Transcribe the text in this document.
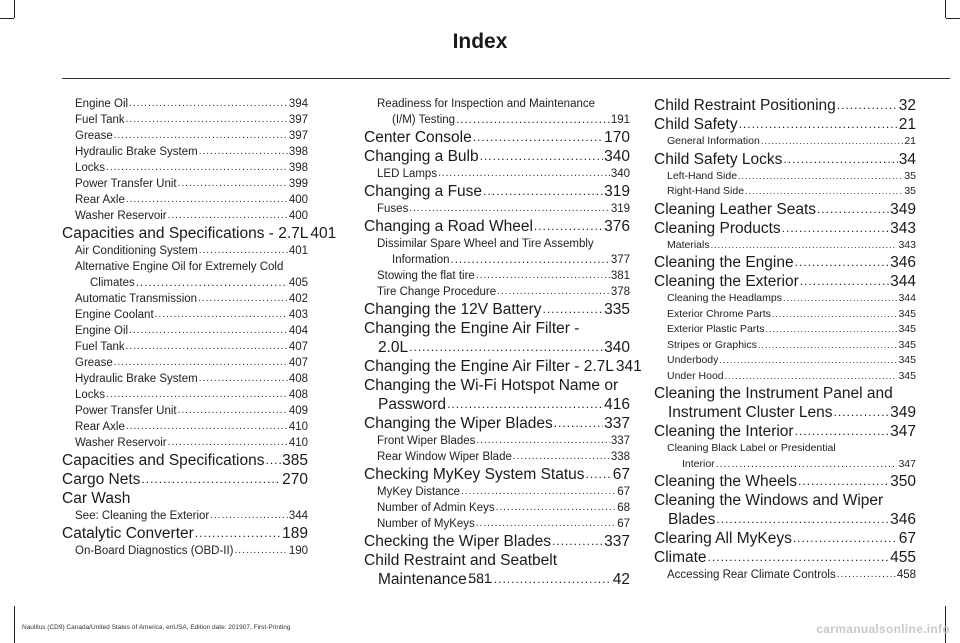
Index
Engine Oil .....	394
Fuel Tank .....	397
Grease .....	397
Hydraulic Brake System .....	398
Locks .....	398
Power Transfer Unit .....	399
Rear Axle .....	400
Washer Reservoir .....	400
Capacities and Specifications - 2.7L 401
Air Conditioning System .....	401
Alternative Engine Oil for Extremely Cold
Climates .....	405
Automatic Transmission .....	402
Engine Coolant .....	403
Engine Oil .....	404
Fuel Tank .....	407
Grease .....	407
Hydraulic Brake System .....	408
Locks .....	408
Power Transfer Unit .....	409
Rear Axle .....	410
Washer Reservoir .....	410
Capacities and Specifications ..... 385
Cargo Nets .....	270
Car Wash
See: Cleaning the Exterior .....	344
Catalytic Converter .....	189
On-Board Diagnostics (OBD-II) .....	190
Readiness for Inspection and Maintenance
(I/M) Testing .....	191
Center Console .....	170
Changing a Bulb .....	340
LED Lamps .....	340
Changing a Fuse .....	319
Fuses .....	319
Changing a Road Wheel .....	376
Dissimilar Spare Wheel and Tire Assembly
Information .....	377
Stowing the flat tire .....	381
Tire Change Procedure .....	378
Changing the 12V Battery .....	335
Changing the Engine Air Filter -
2.0L .....	340
Changing the Engine Air Filter - 2.7L 341
Changing the Wi-Fi Hotspot Name or
Password .....	416
Changing the Wiper Blades .....	337
Front Wiper Blades .....	337
Rear Window Wiper Blade .....	338
Checking MyKey System Status ..... 67
MyKey Distance .....	67
Number of Admin Keys .....	68
Number of MyKeys .....	67
Checking the Wiper Blades .....	337
Child Restraint and Seatbelt
Maintenance .....	42
Child Restraint Positioning .....	32
Child Safety .....	21
General Information .....	21
Child Safety Locks .....	34
Left-Hand Side .....	35
Right-Hand Side .....	35
Cleaning Leather Seats .....	349
Cleaning Products .....	343
Materials .....	343
Cleaning the Engine .....	346
Cleaning the Exterior .....	344
Cleaning the Headlamps .....	344
Exterior Chrome Parts .....	345
Exterior Plastic Parts .....	345
Stripes or Graphics .....	345
Underbody .....	345
Under Hood .....	345
Cleaning the Instrument Panel and
Instrument Cluster Lens .....	349
Cleaning the Interior .....	347
Cleaning Black Label or Presidential
Interior .....	347
Cleaning the Wheels .....	350
Cleaning the Windows and Wiper
Blades .....	346
Clearing All MyKeys .....	67
Climate .....	455
Accessing Rear Climate Controls .....	458
581
Nautilus (CD9) Canada/United States of America, enUSA, Edition date: 201907, First-Printing	carmanualsonline.info
